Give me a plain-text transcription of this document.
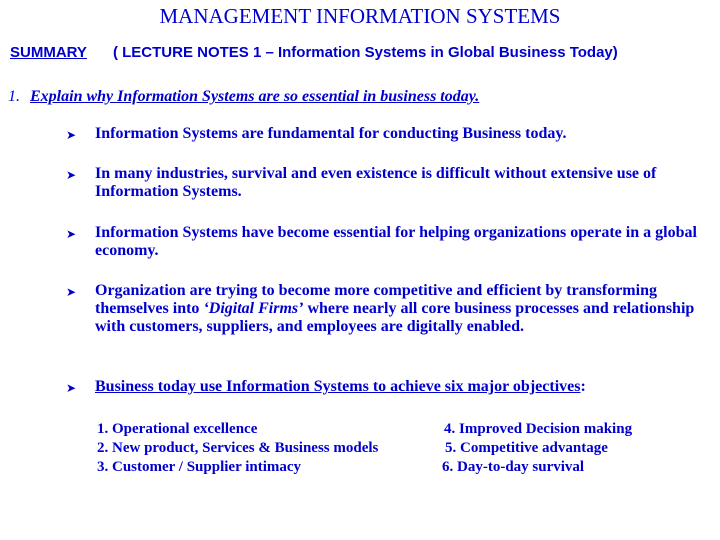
MANAGEMENT INFORMATION SYSTEMS
SUMMARY ( LECTURE NOTES 1 – Information Systems in Global Business Today)
1. Explain why Information Systems are so essential in business today.
➤ Information Systems are fundamental for conducting Business today.
➤ In many industries, survival and even existence is difficult without extensive use of Information Systems.
➤ Information Systems have become essential for helping organizations operate in a global economy.
➤ Organization are trying to become more competitive and efficient by transforming themselves into ‘Digital Firms’ where nearly all core business processes and relationship with customers, suppliers, and employees are digitally enabled.
➤ Business today use Information Systems to achieve six major objectives:
1. Operational excellence
2. New product, Services & Business models
3. Customer / Supplier intimacy
4. Improved Decision making
5. Competitive advantage
6. Day-to-day survival
